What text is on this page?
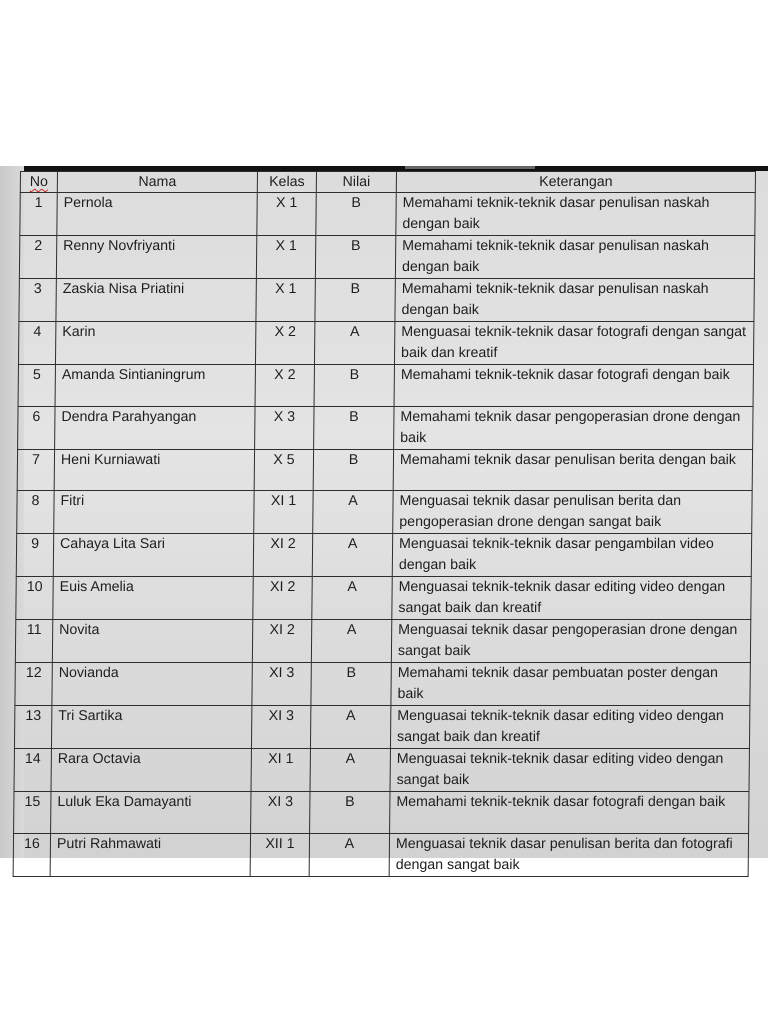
No	Nama	Kelas	Nilai	Keterangan
1	Pernola	X 1	B	Memahami teknik-teknik dasar penulisan naskah dengan baik
2	Renny Novfriyanti	X 1	B	Memahami teknik-teknik dasar penulisan naskah dengan baik
3	Zaskia Nisa Priatini	X 1	B	Memahami teknik-teknik dasar penulisan naskah dengan baik
4	Karin	X 2	A	Menguasai teknik-teknik dasar fotografi dengan sangat baik dan kreatif
5	Amanda Sintianingrum	X 2	B	Memahami teknik-teknik dasar fotografi dengan baik
6	Dendra Parahyangan	X 3	B	Memahami teknik dasar pengoperasian drone dengan baik
7	Heni Kurniawati	X 5	B	Memahami teknik dasar penulisan berita dengan baik
8	Fitri	XI 1	A	Menguasai teknik dasar penulisan berita dan pengoperasian drone dengan sangat baik
9	Cahaya Lita Sari	XI 2	A	Menguasai teknik-teknik dasar pengambilan video dengan baik
10	Euis Amelia	XI 2	A	Menguasai teknik-teknik dasar editing video dengan sangat baik dan kreatif
11	Novita	XI 2	A	Menguasai teknik dasar pengoperasian drone dengan sangat baik
12	Novianda	XI 3	B	Memahami teknik dasar pembuatan poster dengan baik
13	Tri Sartika	XI 3	A	Menguasai teknik-teknik dasar editing video dengan sangat baik dan kreatif
14	Rara Octavia	XI 1	A	Menguasai teknik-teknik dasar editing video dengan sangat baik
15	Luluk Eka Damayanti	XI 3	B	Memahami teknik-teknik dasar fotografi dengan baik
16	Putri Rahmawati	XII 1	A	Menguasai teknik dasar penulisan berita dan fotografi dengan sangat baik
